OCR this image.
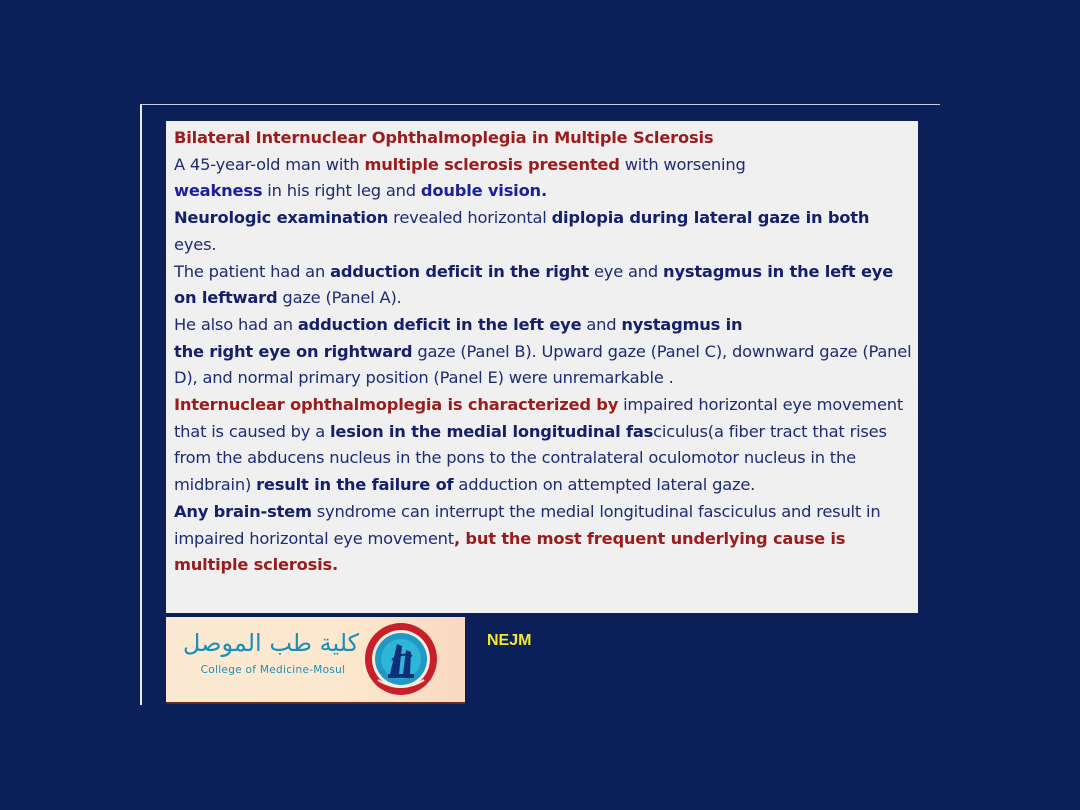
Bilateral Internuclear Ophthalmoplegia in Multiple Sclerosis

A 45-year-old man with multiple sclerosis presented with worsening
weakness in his right leg and double vision.

Neurologic examination revealed horizontal diplopia during lateral gaze in both eyes.

The patient had an adduction deficit in the right eye and nystagmus in the left eye on leftward gaze (Panel A).

He also had an adduction deficit in the left eye and nystagmus in
the right eye on rightward gaze (Panel B). Upward gaze (Panel C), downward gaze (Panel D), and normal primary position (Panel E) were unremarkable .

Internuclear ophthalmoplegia is characterized by impaired horizontal eye movement that is caused by a lesion in the medial longitudinal fasciculus(a fiber tract that rises from the abducens nucleus in the pons to the contralateral oculomotor nucleus in the midbrain) result in the failure of adduction on attempted lateral gaze.

Any brain-stem syndrome can interrupt the medial longitudinal fasciculus and result in impaired horizontal eye movement, but the most frequent underlying cause is multiple sclerosis.

كلية طب الموصل
College of Medicine-Mosul
NEJM
